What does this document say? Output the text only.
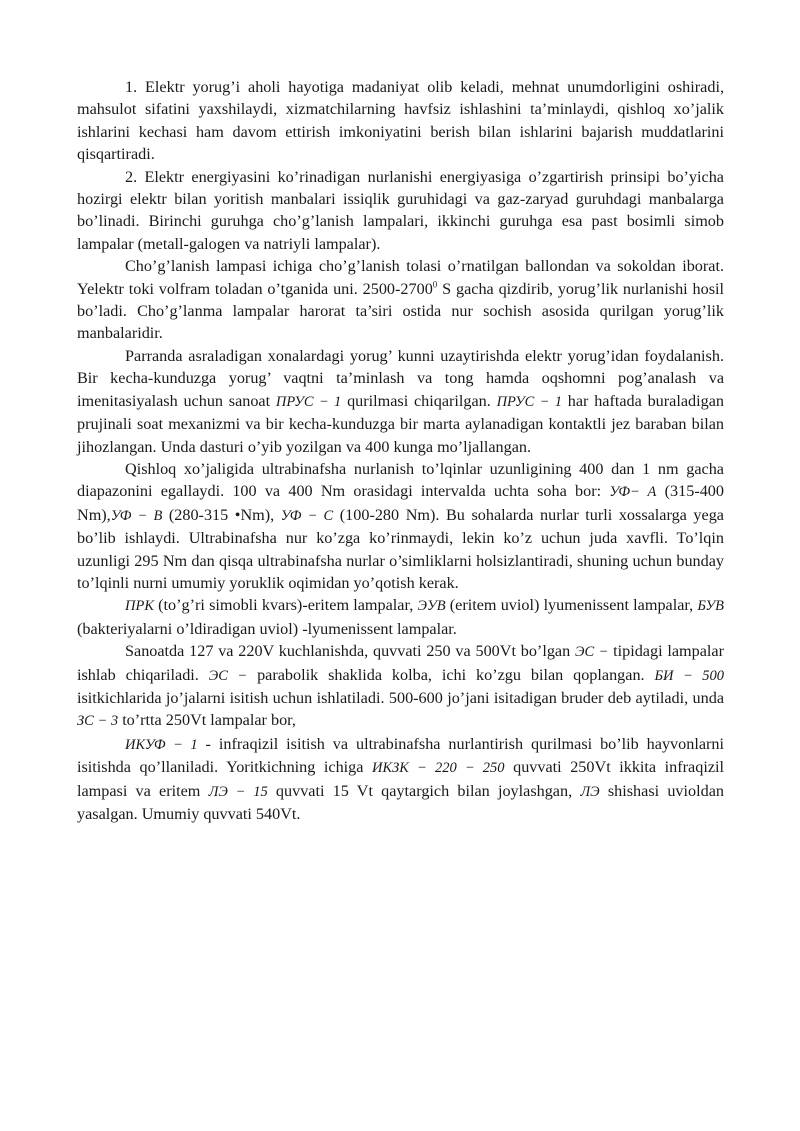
1. Elektr yorug’i aholi hayotiga madaniyat olib keladi, mehnat unumdorligini oshiradi, mahsulot sifatini yaxshilaydi, xizmatchilarning havfsiz ishlashini ta’minlaydi, qishloq xo’jalik ishlarini kechasi ham davom ettirish imkoniyatini berish bilan ishlarini bajarish muddatlarini qisqartiradi.

2. Elektr energiyasini ko’rinadigan nurlanishi energiyasiga o’zgartirish prinsipi bo’yicha hozirgi elektr bilan yoritish manbalari issiqlik guruhidagi va gaz-zaryad guruhdagi manbalarga bo’linadi. Birinchi guruhga cho’g’lanish lampalari, ikkinchi guruhga esa past bosimli simob lampalar (metall-galogen va natriyli lampalar).

Cho’g’lanish lampasi ichiga cho’g’lanish tolasi o’rnatilgan ballondan va sokoldan iborat. Yelektr toki volfram toladan o’tganida uni. 2500-2700$^0$ S gacha qizdirib, yorug’lik nurlanishi hosil bo’ladi. Cho’g’lanma lampalar harorat ta’siri ostida nur sochish asosida qurilgan yorug’lik manbalaridir.

Parranda asraladigan xonalardagi yorug’ kunni uzaytirishda elektr yorug’idan foydalanish. Bir kecha-kunduzga yorug’ vaqtni ta’minlash va tong hamda oqshomni pog’analash va imenitasiyalash uchun sanoat ПРУС − 1 qurilmasi chiqarilgan. ПРУС − 1 har haftada buraladigan prujinali soat mexanizmi va bir kecha-kunduzga bir marta aylanadigan kontaktli jez baraban bilan jihozlangan. Unda dasturi o’yib yozilgan va 400 kunga mo’ljallangan.

Qishloq xo’jaligida ultrabinafsha nurlanish to’lqinlar uzunligining 400 dan 1 nm gacha diapazonini egallaydi. 100 va 400 Nm orasidagi intervalda uchta soha bor: УФ− А (315-400 Nm),УФ − В (280-315 •Nm), УФ − С (100-280 Nm). Bu sohalarda nurlar turli xossalarga yega bo’lib ishlaydi. Ultrabinafsha nur ko’zga ko’rinmaydi, lekin ko’z uchun juda xavfli. To’lqin uzunligi 295 Nm dan qisqa ultrabinafsha nurlar o’simliklarni holsizlantiradi, shuning uchun bunday to’lqinli nurni umumiy yoruklik oqimidan yo’qotish kerak.

ПРК (to’g’ri simobli kvars)-eritem lampalar, ЭУВ (eritem uviol) lyumenissent lampalar, БУВ (bakteriyalarni o’ldiradigan uviol) -lyumenissent lampalar.

Sanoatda 127 va 220V kuchlanishda, quvvati 250 va 500Vt bo’lgan ЭС − tipidagi lampalar ishlab chiqariladi. ЭС − parabolik shaklida kolba, ichi ko’zgu bilan qoplangan. БИ − 500 isitkichlarida jo’jalarni isitish uchun ishlatiladi. 500-600 jo’jani isitadigan bruder deb aytiladi, unda ЗС − 3 to’rtta 250Vt lampalar bor,

ИКУФ − 1 - infraqizil isitish va ultrabinafsha nurlantirish qurilmasi bo’lib hayvonlarni isitishda qo’llaniladi. Yoritkichning ichiga ИКЗК − 220 − 250 quvvati 250Vt ikkita infraqizil lampasi va eritem ЛЭ − 15 quvvati 15 Vt qaytargich bilan joylashgan, ЛЭ shishasi uvioldan yasalgan. Umumiy quvvati 540Vt.
